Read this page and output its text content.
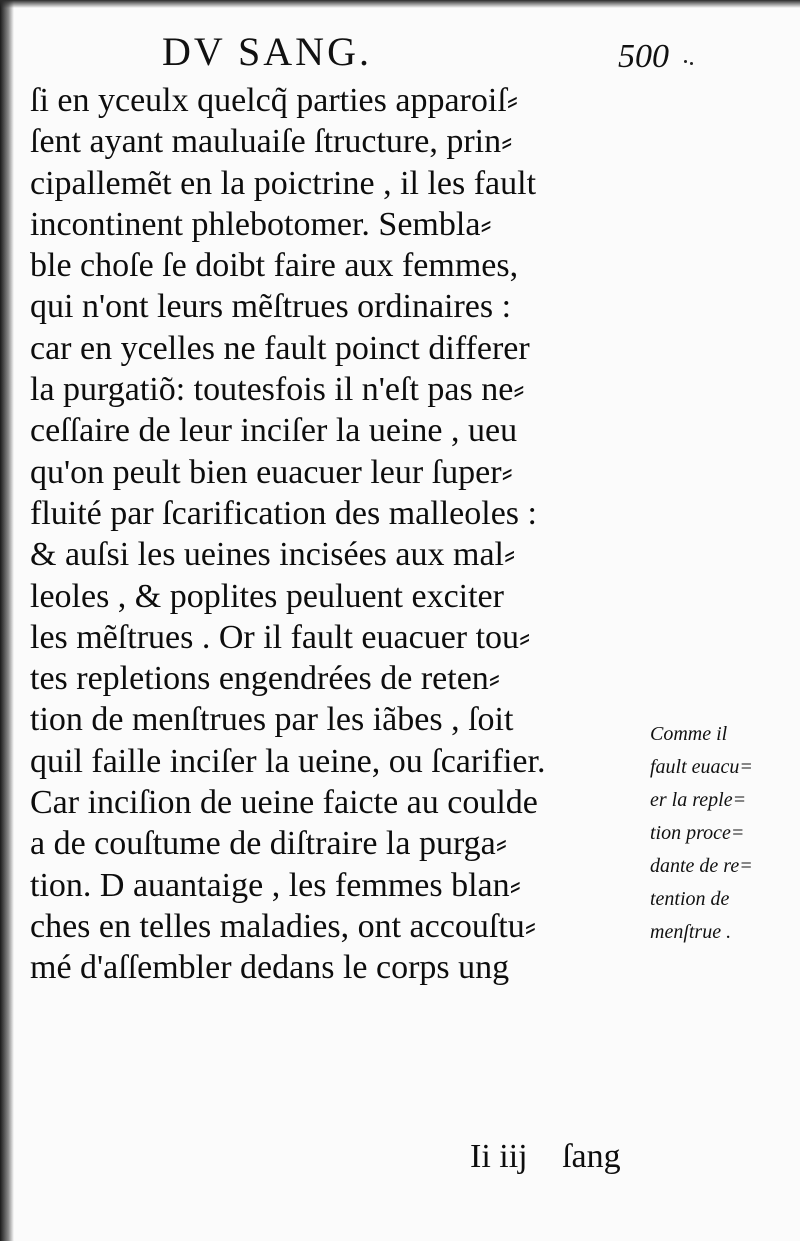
DV SANG.	500
ſi en yceulx quelcq̃ parties apparoiſ⸗
ſent ayant mauluaiſe ſtructure, prin⸗
cipallemẽt en la poictrine , il les fault
incontinent phlebotomer. Sembla⸗
ble choſe ſe doibt faire aux femmes,
qui n'ont leurs mẽſtrues ordinaires :
car en ycelles ne fault poinct differer
la purgatiõ: toutesfois il n'eſt pas ne⸗
ceſſaire de leur inciſer la ueine , ueu
qu'on peult bien euacuer leur ſuper⸗
fluité par ſcarification des malleoles :
& auſsi les ueines incisées aux mal⸗
leoles , & poplites peuluent exciter
les mẽſtrues . Or il fault euacuer tou⸗
tes repletions engendrées de reten⸗
tion de menſtrues par les iãbes , ſoit
quil faille inciſer la ueine, ou ſcarifier.
Car inciſion de ueine faicte au coulde
a de couſtume de diſtraire la purga⸗
tion. D auantaige , les femmes blan⸗
ches en telles maladies, ont accouſtu⸗
mé d'aſſembler dedans le corps ung
Ii iij ſang
Comme il
fault euacu=
er la reple=
tion proce=
dante de re=
tention de
menſtrue .
